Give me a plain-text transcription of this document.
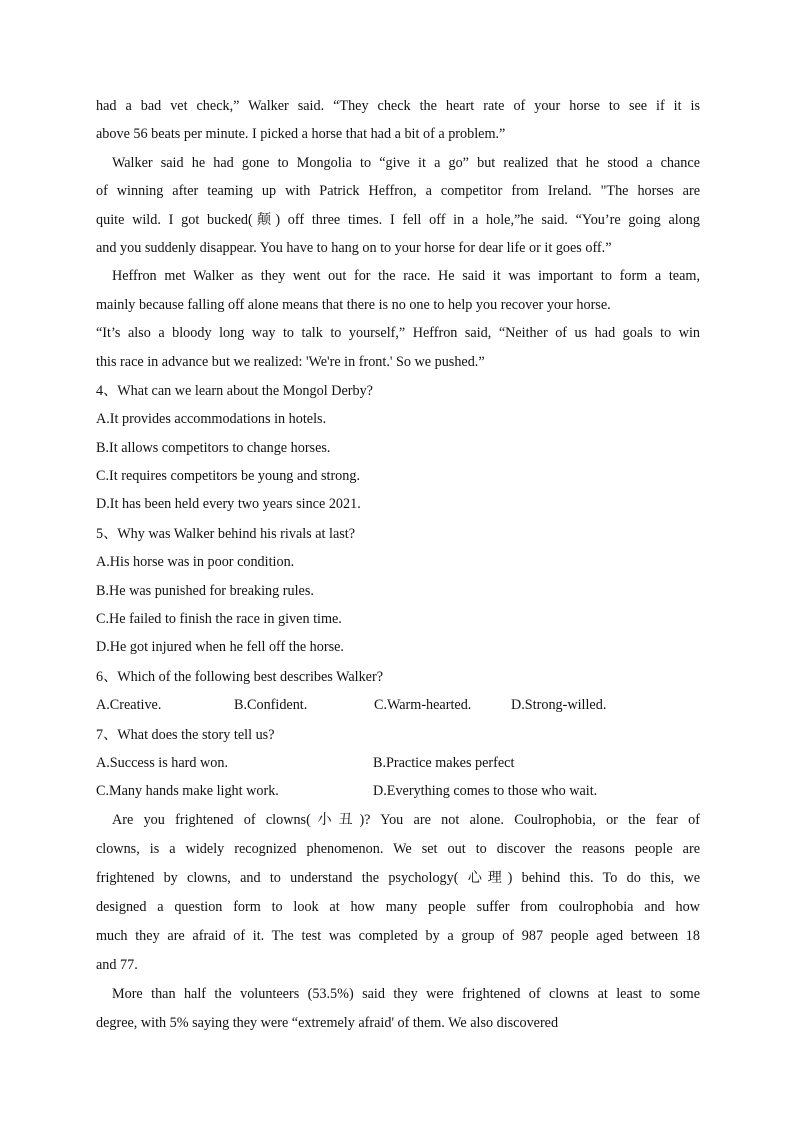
had a bad vet check,” Walker said. “They check the heart rate of your horse to see if it is
above 56 beats per minute. I picked a horse that had a bit of a problem.”
Walker said he had gone to Mongolia to “give it a go” but realized that he stood a chance
of winning after teaming up with Patrick Heffron, a competitor from Ireland. "The horses are
quite wild. I got bucked(颠) off three times. I fell off in a hole,”he said. “You’re going along
and you suddenly disappear. You have to hang on to your horse for dear life or it goes off.”
Heffron met Walker as they went out for the race. He said it was important to form a team,
mainly because falling off alone means that there is no one to help you recover your horse.
“It’s also a bloody long way to talk to yourself,” Heffron said, “Neither of us had goals to win
this race in advance but we realized: 'We're in front.' So we pushed.”
4、What can we learn about the Mongol Derby?
A.It provides accommodations in hotels.
B.It allows competitors to change horses.
C.It requires competitors be young and strong.
D.It has been held every two years since 2021.
5、Why was Walker behind his rivals at last?
A.His horse was in poor condition.
B.He was punished for breaking rules.
C.He failed to finish the race in given time.
D.He got injured when he fell off the horse.
6、Which of the following best describes Walker?
A.Creative.	B.Confident.	C.Warm-hearted.	D.Strong-willed.
7、What does the story tell us?
A.Success is hard won.	B.Practice makes perfect
C.Many hands make light work.	D.Everything comes to those who wait.
Are you frightened of clowns(小丑)? You are not alone. Coulrophobia, or the fear of
clowns, is a widely recognized phenomenon. We set out to discover the reasons people are
frightened by clowns, and to understand the psychology( 心理) behind this. To do this, we
designed a question form to look at how many people suffer from coulrophobia and how
much they are afraid of it. The test was completed by a group of 987 people aged between 18
and 77.
More than half the volunteers (53.5%) said they were frightened of clowns at least to some
degree, with 5% saying they were “extremely afraid' of them. We also discovered
